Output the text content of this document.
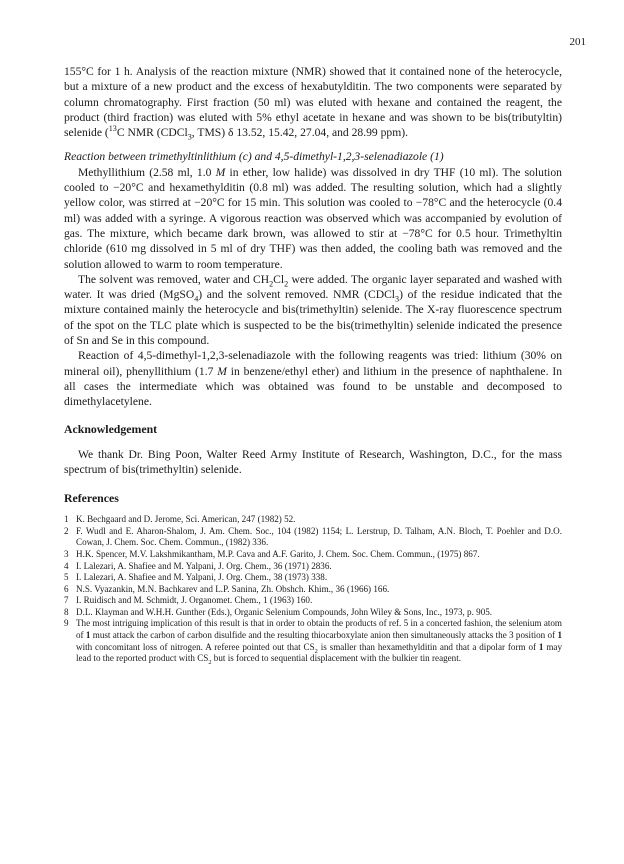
201

155°C for 1 h. Analysis of the reaction mixture (NMR) showed that it contained none of the heterocycle, but a mixture of a new product and the excess of hexabutylditin. The two components were separated by column chromatography. First fraction (50 ml) was eluted with hexane and contained the reagent, the product (third fraction) was eluted with 5% ethyl acetate in hexane and was shown to be bis(tributyltin) selenide ($^{13}$C NMR (CDCl$_3$, TMS) δ 13.52, 15.42, 27.04, and 28.99 ppm).

Reaction between trimethyltinlithium (c) and 4,5-dimethyl-1,2,3-selenadiazole (1)

Methyllithium (2.58 ml, 1.0 M in ether, low halide) was dissolved in dry THF (10 ml). The solution cooled to −20°C and hexamethylditin (0.8 ml) was added. The resulting solution, which had a slightly yellow color, was stirred at −20°C for 15 min. This solution was cooled to −78°C and the heterocycle (0.4 ml) was added with a syringe. A vigorous reaction was observed which was accompanied by evolution of gas. The mixture, which became dark brown, was allowed to stir at −78°C for 0.5 hour. Trimethyltin chloride (610 mg dissolved in 5 ml of dry THF) was then added, the cooling bath was removed and the solution allowed to warm to room temperature.

The solvent was removed, water and $CH_2Cl_2$ were added. The organic layer separated and washed with water. It was dried (MgSO$_4$) and the solvent removed. NMR (CDCl$_3$) of the residue indicated that the mixture contained mainly the heterocycle and bis(trimethyltin) selenide. The X-ray fluorescence spectrum of the spot on the TLC plate which is suspected to be the bis(trimethyltin) selenide indicated the presence of Sn and Se in this compound.

Reaction of 4,5-dimethyl-1,2,3-selenadiazole with the following reagents was tried: lithium (30% on mineral oil), phenyllithium (1.7 M in benzene/ethyl ether) and lithium in the presence of naphthalene. In all cases the intermediate which was obtained was found to be unstable and decomposed to dimethylacetylene.

Acknowledgement

We thank Dr. Bing Poon, Walter Reed Army Institute of Research, Washington, D.C., for the mass spectrum of bis(trimethyltin) selenide.

References
1 K. Bechgaard and D. Jerome, Sci. American, 247 (1982) 52.
2 F. Wudl and E. Aharon-Shalom, J. Am. Chem. Soc., 104 (1982) 1154; L. Lerstrup, D. Talham, A.N. Bloch, T. Poehler and D.O. Cowan, J. Chem. Soc. Chem. Commun., (1982) 336.
3 H.K. Spencer, M.V. Lakshmikantham, M.P. Cava and A.F. Garito, J. Chem. Soc. Chem. Commun., (1975) 867.
4 I. Lalezari, A. Shafiee and M. Yalpani, J. Org. Chem., 36 (1971) 2836.
5 I. Lalezari, A. Shafiee and M. Yalpani, J. Org. Chem., 38 (1973) 338.
6 N.S. Vyazankin, M.N. Bachkarev and L.P. Sanina, Zh. Obshch. Khim., 36 (1966) 166.
7 I. Ruidisch and M. Schmidt, J. Organomet. Chem., 1 (1963) 160.
8 D.L. Klayman and W.H.H. Gunther (Eds.), Organic Selenium Compounds, John Wiley & Sons, Inc., 1973, p. 905.
9 The most intriguing implication of this result is that in order to obtain the products of ref. 5 in a concerted fashion, the selenium atom of 1 must attack the carbon of carbon disulfide and the resulting thiocarboxylate anion then simultaneously attacks the 3 position of 1 with concomitant loss of nitrogen. A referee pointed out that $CS_2$ is smaller than hexamethylditin and that a dipolar form of 1 may lead to the reported product with $CS_2$ but is forced to sequential displacement with the bulkier tin reagent.
